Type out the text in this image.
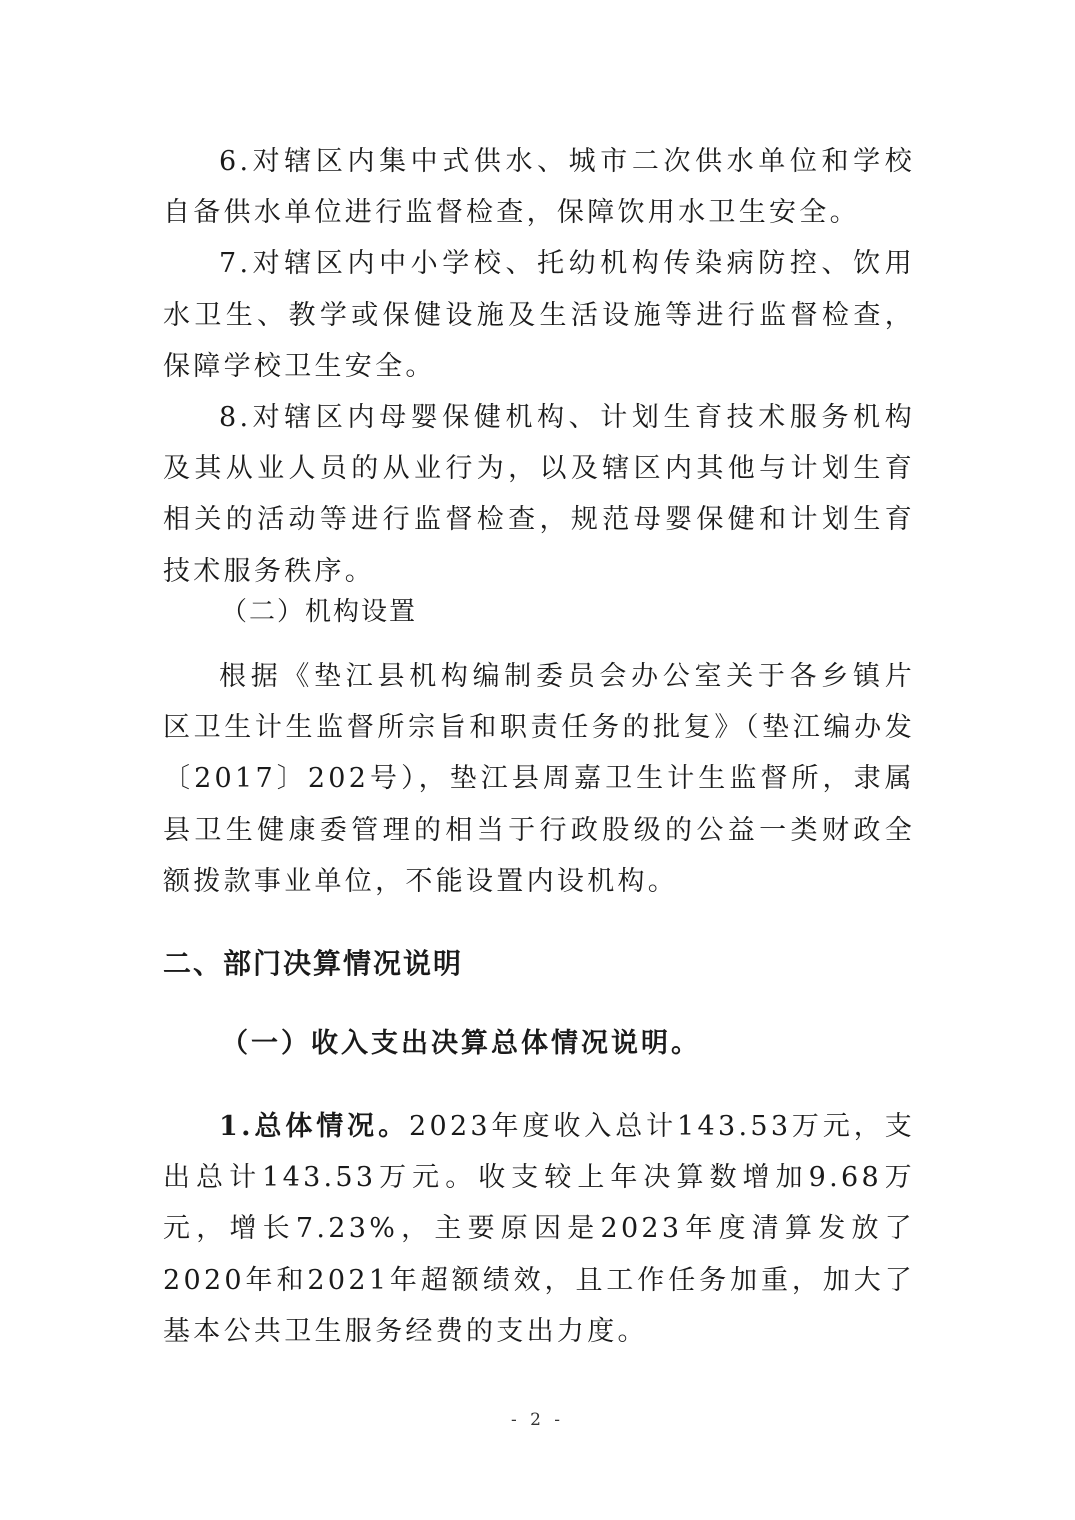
6.对辖区内集中式供水、城市二次供水单位和学校自备供水单位进行监督检查，保障饮用水卫生安全。

7.对辖区内中小学校、托幼机构传染病防控、饮用水卫生、教学或保健设施及生活设施等进行监督检查，保障学校卫生安全。

8.对辖区内母婴保健机构、计划生育技术服务机构及其从业人员的从业行为，以及辖区内其他与计划生育相关的活动等进行监督检查，规范母婴保健和计划生育技术服务秩序。

（二）机构设置

根据《垫江县机构编制委员会办公室关于各乡镇片区卫生计生监督所宗旨和职责任务的批复》（垫江编办发〔2017〕202号），垫江县周嘉卫生计生监督所，隶属县卫生健康委管理的相当于行政股级的公益一类财政全额拨款事业单位，不能设置内设机构。

二、部门决算情况说明
（一）收入支出决算总体情况说明。

1.总体情况。2023年度收入总计143.53万元，支出总计143.53万元。收支较上年决算数增加9.68万元，增长7.23%，主要原因是2023年度清算发放了2020年和2021年超额绩效，且工作任务加重，加大了基本公共卫生服务经费的支出力度。

- 2 -
